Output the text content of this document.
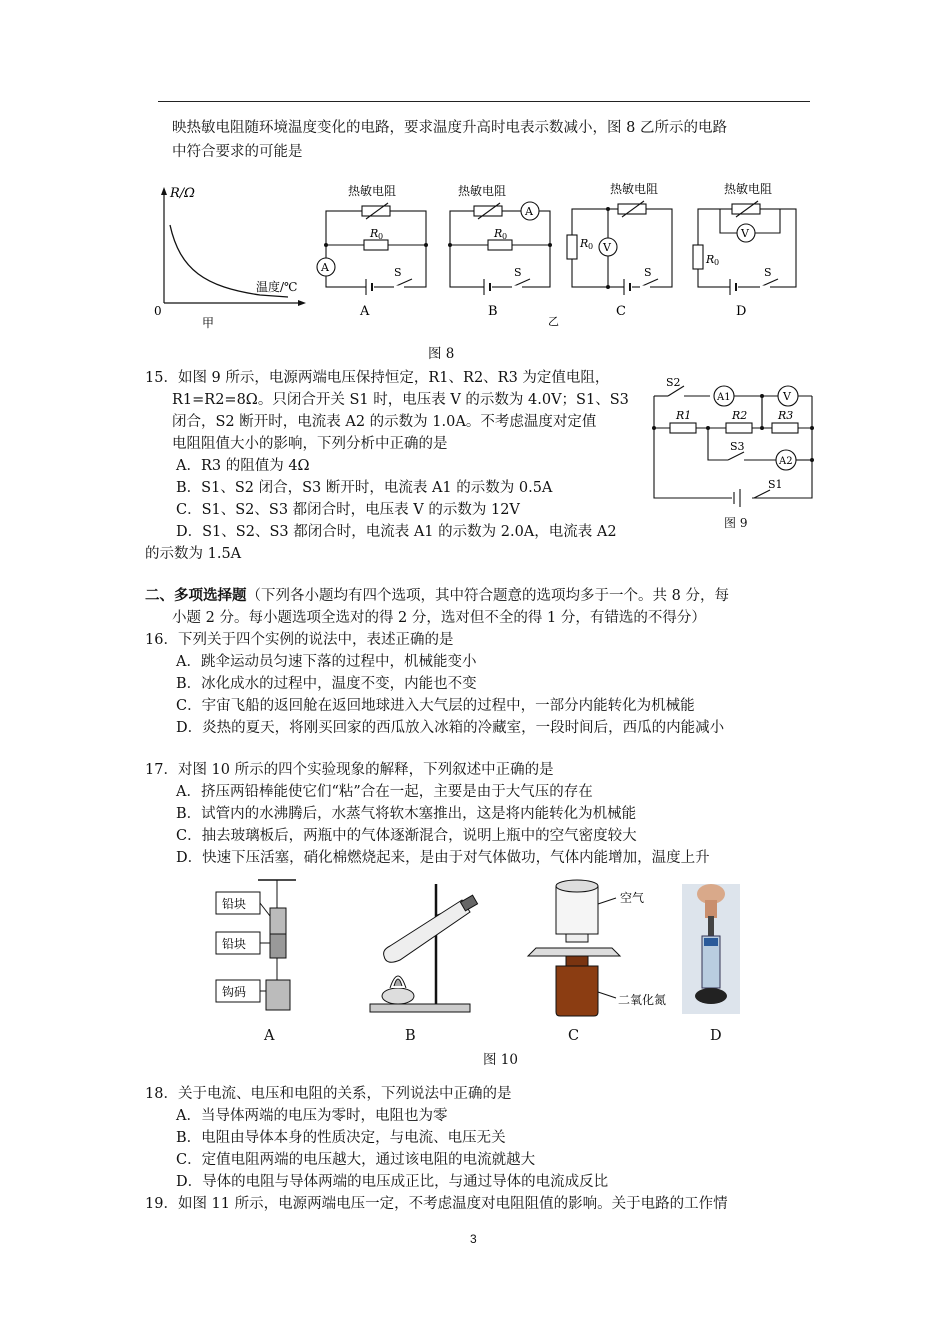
映热敏电阻随环境温度变化的电路，要求温度升高时电表示数减小，图 8 乙所示的电路
中符合要求的可能是
R/Ω
温度/℃
0
甲
热敏电阻
R 0
A	S
A
热敏电阻
R 0
A
S
B
乙
热敏电阻
R 0 V
S
C
热敏电阻
R 0
V
S
D
图 8
15．如图 9 所示，电源两端电压保持恒定，R1、R2、R3 为定值电阻，
R1=R2=8Ω。只闭合开关 S1 时，电压表 V 的示数为 4.0V；S1、S3
闭合，S2 断开时，电流表 A2 的示数为 1.0A。不考虑温度对定值
电阻阻值大小的影响，下列分析中正确的是
A．R3 的阻值为 4Ω
B．S1、S2 闭合，S3 断开时，电流表 A1 的示数为 0.5A
C．S1、S2、S3 都闭合时，电压表 V 的示数为 12V
D．S1、S2、S3 都闭合时，电流表 A1 的示数为 2.0A，电流表 A2
的示数为 1.5A
S2
A1	V
R1	R2	R3
S3
A2
S1
图 9
二、多项选择题（下列各小题均有四个选项，其中符合题意的选项均多于一个。共 8 分，每
小题 2 分。每小题选项全选对的得 2 分，选对但不全的得 1 分，有错选的不得分）
16．下列关于四个实例的说法中，表述正确的是
A．跳伞运动员匀速下落的过程中，机械能变小
B．冰化成水的过程中，温度不变，内能也不变
C．宇宙飞船的返回舱在返回地球进入大气层的过程中，一部分内能转化为机械能
D．炎热的夏天，将刚买回家的西瓜放入冰箱的冷藏室，一段时间后，西瓜的内能减小
17．对图 10 所示的四个实验现象的解释，下列叙述中正确的是
A．挤压两铅棒能使它们“粘”合在一起，主要是由于大气压的存在
B．试管内的水沸腾后，水蒸气将软木塞推出，这是将内能转化为机械能
C．抽去玻璃板后，两瓶中的气体逐渐混合，说明上瓶中的空气密度较大
D．快速下压活塞，硝化棉燃烧起来，是由于对气体做功，气体内能增加，温度上升
铅块
铅块
钩码
空气
二氧化氮
A	B	C	D
图 10
18．关于电流、电压和电阻的关系，下列说法中正确的是
A．当导体两端的电压为零时，电阻也为零
B．电阻由导体本身的性质决定，与电流、电压无关
C．定值电阻两端的电压越大，通过该电阻的电流就越大
D．导体的电阻与导体两端的电压成正比，与通过导体的电流成反比
19．如图 11 所示，电源两端电压一定，不考虑温度对电阻阻值的影响。关于电路的工作情
3
